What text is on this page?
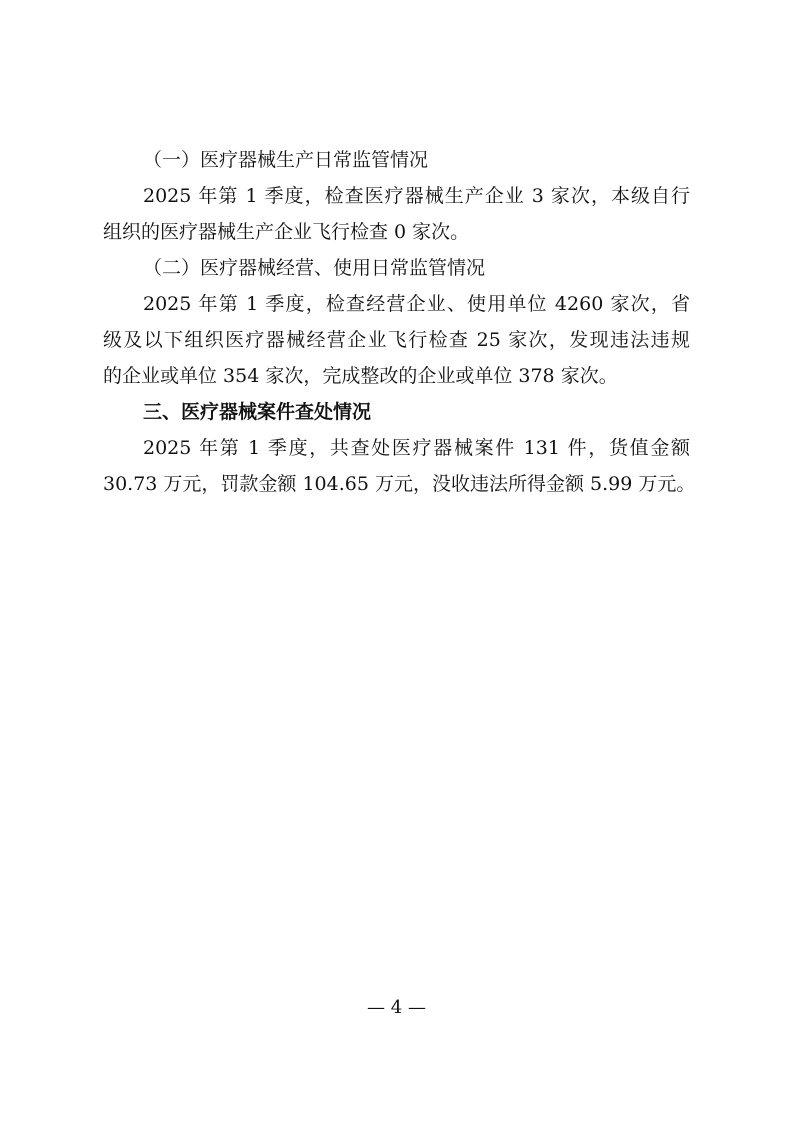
（一）医疗器械生产日常监管情况
2025 年第 1 季度，检查医疗器械生产企业 3 家次，本级自行
组织的医疗器械生产企业飞行检查 0 家次。
（二）医疗器械经营、使用日常监管情况
2025 年第 1 季度，检查经营企业、使用单位 4260 家次，省
级及以下组织医疗器械经营企业飞行检查 25 家次，发现违法违规
的企业或单位 354 家次，完成整改的企业或单位 378 家次。
三、医疗器械案件查处情况
2025 年第 1 季度，共查处医疗器械案件 131 件，货值金额
30.73 万元，罚款金额 104.65 万元，没收违法所得金额 5.99 万元。
— 4 —
